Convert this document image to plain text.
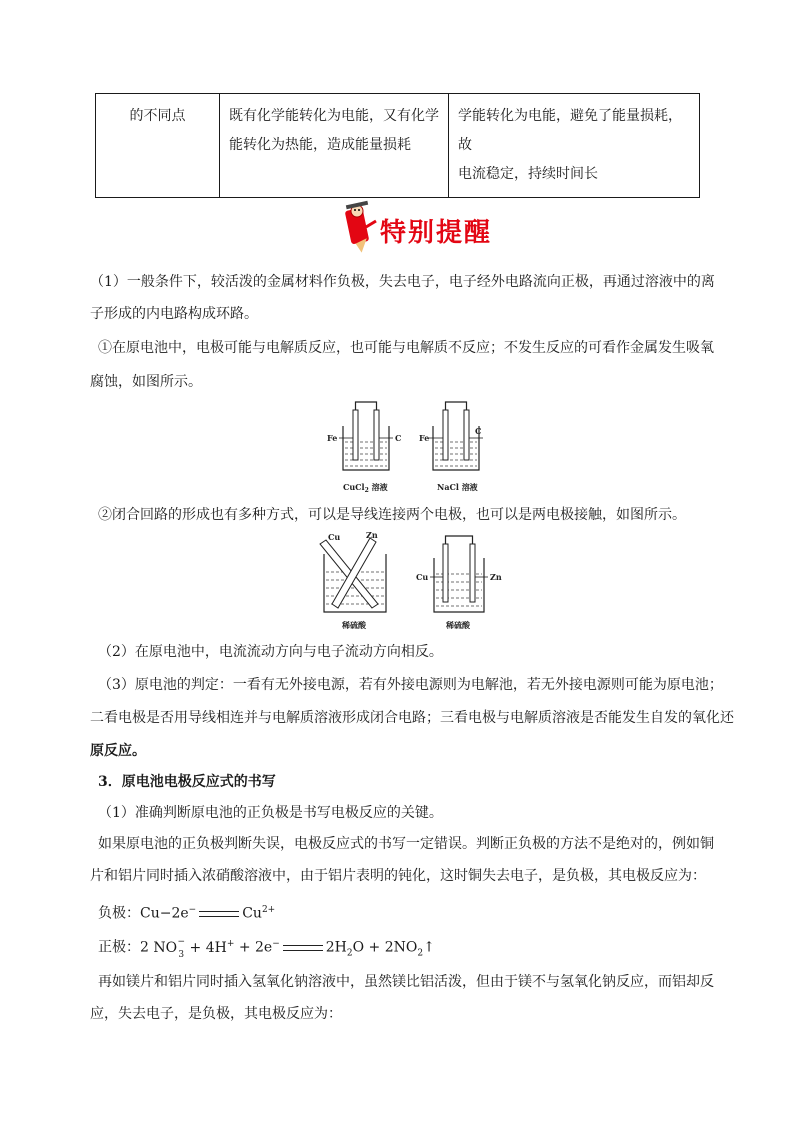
的不同点	既有化学能转化为电能，又有化学
能转化为热能，造成能量损耗

学能转化为电能，避免了能量损耗，故
电流稳定，持续时间长
特别提醒
（1）一般条件下，较活泼的金属材料作负极，失去电子，电子经外电路流向正极，再通过溶液中的离
子形成的内电路构成环路。
①在原电池中，电极可能与电解质反应，也可能与电解质不反应；不发生反应的可看作金属发生吸氧
腐蚀，如图所示。
Fe	C
CuCl$_2$ 溶液
Fe
C
NaCl 溶液
②闭合回路的形成也有多种方式，可以是导线连接两个电极，也可以是两电极接触，如图所示。
Cu	Zn
稀硫酸
Cu	Zn
稀硫酸
（2）在原电池中，电流流动方向与电子流动方向相反。
（3）原电池的判定：一看有无外接电源，若有外接电源则为电解池，若无外接电源则可能为原电池；
二看电极是否用导线相连并与电解质溶液形成闭合电路；三看电极与电解质溶液是否能发生自发的氧化还
原反应。
3．原电池电极反应式的书写
（1）准确判断原电池的正负极是书写电极反应的关键。
如果原电池的正负极判断失误，电极反应式的书写一定错误。判断正负极的方法不是绝对的，例如铜
片和铝片同时插入浓硝酸溶液中，由于铝片表明的钝化，这时铜失去电子，是负极，其电极反应为：
负极：Cu−2e−	$Cu^{2+}$
正极：2 NO −
3 + 4H+ + 2e−	$2H_2O$ + $2NO_2↑$
再如镁片和铝片同时插入氢氧化钠溶液中，虽然镁比铝活泼，但由于镁不与氢氧化钠反应，而铝却反
应，失去电子，是负极，其电极反应为：
